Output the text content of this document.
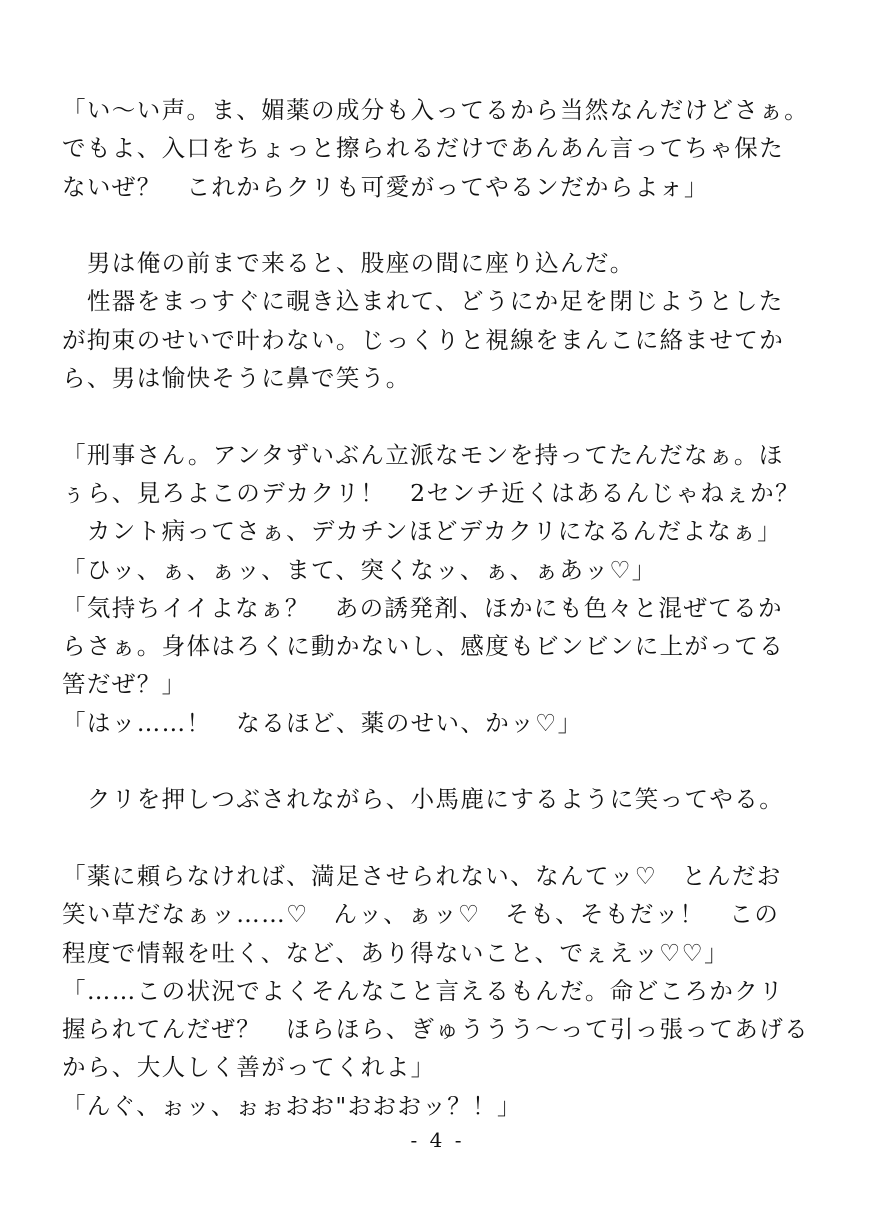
「い～い声。ま、媚薬の成分も入ってるから当然なんだけどさぁ。

でもよ、入口をちょっと擦られるだけであんあん言ってちゃ保た

ないぜ？　これからクリも可愛がってやるンだからよォ」

　男は俺の前まで来ると、股座の間に座り込んだ。

　性器をまっすぐに覗き込まれて、どうにか足を閉じようとした

が拘束のせいで叶わない。じっくりと視線をまんこに絡ませてか

ら、男は愉快そうに鼻で笑う。

「刑事さん。アンタずいぶん立派なモンを持ってたんだなぁ。ほ

ぅら、見ろよこのデカクリ！　2センチ近くはあるんじゃねぇか？

　カント病ってさぁ、デカチンほどデカクリになるんだよなぁ」

「ひッ、ぁ、ぁッ、まて、突くなッ、ぁ、ぁあッ♡」

「気持ちイイよなぁ？　あの誘発剤、ほかにも色々と混ぜてるか

らさぁ。身体はろくに動かないし、感度もビンビンに上がってる

筈だぜ？」

「はッ……！　なるほど、薬のせい、かッ♡」

　クリを押しつぶされながら、小馬鹿にするように笑ってやる。

「薬に頼らなければ、満足させられない、なんてッ♡　とんだお

笑い草だなぁッ……♡　んッ、ぁッ♡　そも、そもだッ！　この

程度で情報を吐く、など、あり得ないこと、でぇえッ♡♡」

「……この状況でよくそんなこと言えるもんだ。命どころかクリ

握られてんだぜ？　ほらほら、ぎゅううう～って引っ張ってあげる

から、大人しく善がってくれよ」

「んぐ、ぉッ、ぉぉおお"おおおッ？！」

- 4 -
